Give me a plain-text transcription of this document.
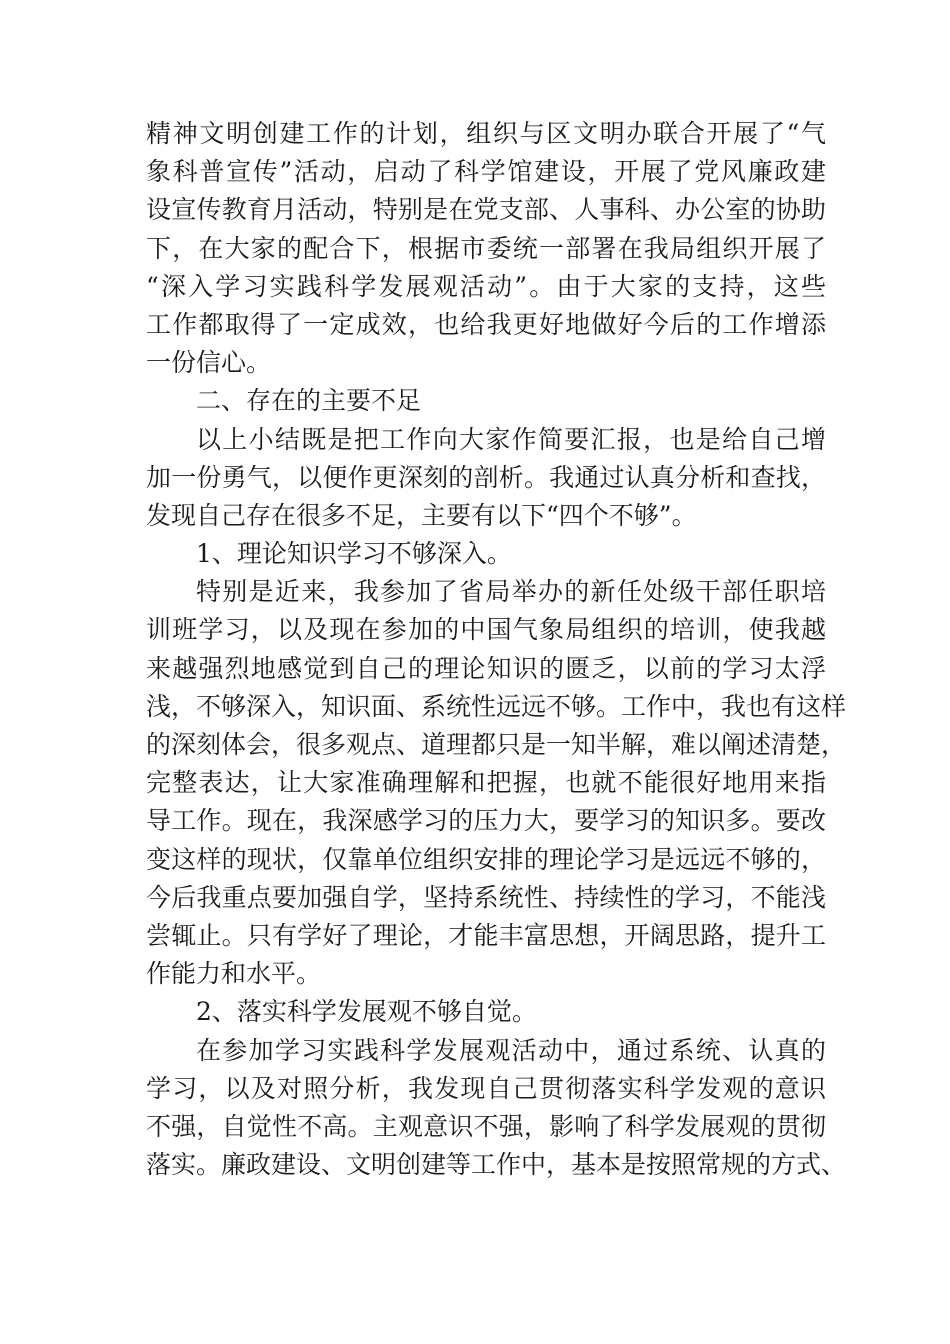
精神文明创建工作的计划，组织与区文明办联合开展了“气
象科普宣传”活动，启动了科学馆建设，开展了党风廉政建
设宣传教育月活动，特别是在党支部、人事科、办公室的协助
下，在大家的配合下，根据市委统一部署在我局组织开展了
“深入学习实践科学发展观活动”。由于大家的支持，这些
工作都取得了一定成效，也给我更好地做好今后的工作增添
一份信心。
二、存在的主要不足
以上小结既是把工作向大家作简要汇报，也是给自己增
加一份勇气，以便作更深刻的剖析。我通过认真分析和查找，
发现自己存在很多不足，主要有以下“四个不够”。
1、理论知识学习不够深入。
特别是近来，我参加了省局举办的新任处级干部任职培
训班学习，以及现在参加的中国气象局组织的培训，使我越
来越强烈地感觉到自己的理论知识的匮乏，以前的学习太浮
浅，不够深入，知识面、系统性远远不够。工作中，我也有这样
的深刻体会，很多观点、道理都只是一知半解，难以阐述清楚，
完整表达，让大家准确理解和把握，也就不能很好地用来指
导工作。现在，我深感学习的压力大，要学习的知识多。要改
变这样的现状，仅靠单位组织安排的理论学习是远远不够的，
今后我重点要加强自学，坚持系统性、持续性的学习，不能浅
尝辄止。只有学好了理论，才能丰富思想，开阔思路，提升工
作能力和水平。
2、落实科学发展观不够自觉。
在参加学习实践科学发展观活动中，通过系统、认真的
学习，以及对照分析，我发现自己贯彻落实科学发观的意识
不强，自觉性不高。主观意识不强，影响了科学发展观的贯彻
落实。廉政建设、文明创建等工作中，基本是按照常规的方式、
